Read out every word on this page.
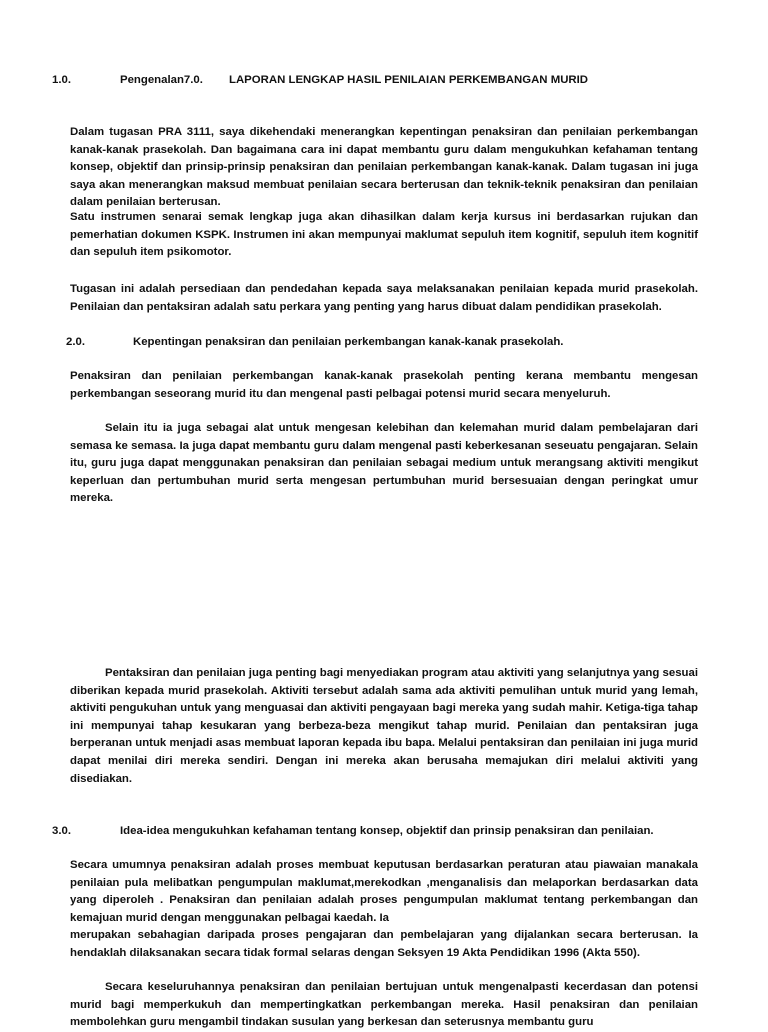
1.0.	Pengenalan7.0. LAPORAN LENGKAP HASIL PENILAIAN PERKEMBANGAN MURID

Dalam tugasan PRA 3111, saya dikehendaki menerangkan kepentingan penaksiran dan penilaian perkembangan kanak-kanak prasekolah. Dan bagaimana cara ini dapat membantu guru dalam mengukuhkan kefahaman tentang konsep, objektif dan prinsip-prinsip penaksiran dan penilaian perkembangan kanak-kanak. Dalam tugasan ini juga saya akan menerangkan maksud membuat penilaian secara berterusan dan teknik-teknik penaksiran dan penilaian dalam penilaian berterusan.

Satu instrumen senarai semak lengkap juga akan dihasilkan dalam kerja kursus ini berdasarkan rujukan dan pemerhatian dokumen KSPK. Instrumen ini akan mempunyai maklumat sepuluh item kognitif, sepuluh item kognitif dan sepuluh item psikomotor.

Tugasan ini adalah persediaan dan pendedahan kepada saya melaksanakan penilaian kepada murid prasekolah. Penilaian dan pentaksiran adalah satu perkara yang penting yang harus dibuat dalam pendidikan prasekolah.

2.0.	Kepentingan penaksiran dan penilaian perkembangan kanak-kanak prasekolah.

Penaksiran dan penilaian perkembangan kanak-kanak prasekolah penting kerana membantu mengesan perkembangan seseorang murid itu dan mengenal pasti pelbagai potensi murid secara menyeluruh.

Selain itu ia juga sebagai alat untuk mengesan kelebihan dan kelemahan murid dalam pembelajaran dari semasa ke semasa. Ia juga dapat membantu guru dalam mengenal pasti keberkesanan seseuatu pengajaran. Selain itu, guru juga dapat menggunakan penaksiran dan penilaian sebagai medium untuk merangsang aktiviti mengikut keperluan dan pertumbuhan murid serta mengesan pertumbuhan murid bersesuaian dengan peringkat umur mereka.

Pentaksiran dan penilaian juga penting bagi menyediakan program atau aktiviti yang selanjutnya yang sesuai diberikan kepada murid prasekolah. Aktiviti tersebut adalah sama ada aktiviti pemulihan untuk murid yang lemah, aktiviti pengukuhan untuk yang menguasai dan aktiviti pengayaan bagi mereka yang sudah mahir. Ketiga-tiga tahap ini mempunyai tahap kesukaran yang berbeza-beza mengikut tahap murid. Penilaian dan pentaksiran juga berperanan untuk menjadi asas membuat laporan kepada ibu bapa. Melalui pentaksiran dan penilaian ini juga murid dapat menilai diri mereka sendiri. Dengan ini mereka akan berusaha memajukan diri melalui aktiviti yang disediakan.

3.0.	Idea-idea mengukuhkan kefahaman tentang konsep, objektif dan prinsip penaksiran dan penilaian.

Secara umumnya penaksiran adalah proses membuat keputusan berdasarkan peraturan atau piawaian manakala penilaian pula melibatkan pengumpulan maklumat,merekodkan ,menganalisis dan melaporkan berdasarkan data yang diperoleh . Penaksiran dan penilaian adalah proses pengumpulan maklumat tentang perkembangan dan kemajuan murid dengan menggunakan pelbagai kaedah. Ia

merupakan sebahagian daripada proses pengajaran dan pembelajaran yang dijalankan secara berterusan. Ia hendaklah dilaksanakan secara tidak formal selaras dengan Seksyen 19 Akta Pendidikan 1996 (Akta 550).

Secara keseluruhannya penaksiran dan penilaian bertujuan untuk mengenalpasti kecerdasan dan potensi murid bagi memperkukuh dan mempertingkatkan perkembangan mereka. Hasil penaksiran dan penilaian membolehkan guru mengambil tindakan susulan yang berkesan dan seterusnya membantu guru
